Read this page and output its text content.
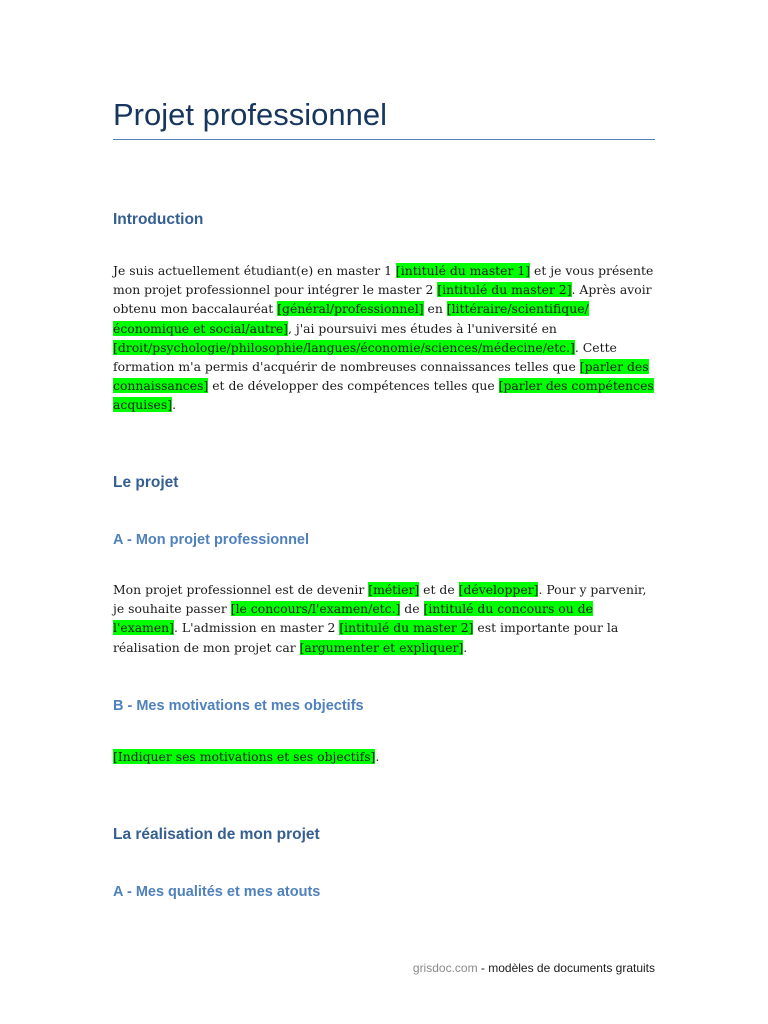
Projet professionnel
Introduction
Je suis actuellement étudiant(e) en master 1 [intitulé du master 1] et je vous présente mon projet professionnel pour intégrer le master 2 [intitulé du master 2]. Après avoir obtenu mon baccalauréat [général/professionnel] en [littéraire/scientifique/économique et social/autre], j'ai poursuivi mes études à l'université en [droit/psychologie/philosophie/langues/économie/sciences/médecine/etc.]. Cette formation m'a permis d'acquérir de nombreuses connaissances telles que [parler des connaissances] et de développer des compétences telles que [parler des compétences acquises].
Le projet
A - Mon projet professionnel
Mon projet professionnel est de devenir [métier] et de [développer]. Pour y parvenir, je souhaite passer [le concours/l'examen/etc.] de [intitulé du concours ou de l'examen]. L'admission en master 2 [intitulé du master 2] est importante pour la réalisation de mon projet car [argumenter et expliquer].
B - Mes motivations et mes objectifs
[Indiquer ses motivations et ses objectifs].
La réalisation de mon projet
A - Mes qualités et mes atouts
grisdoc.com - modèles de documents gratuits
